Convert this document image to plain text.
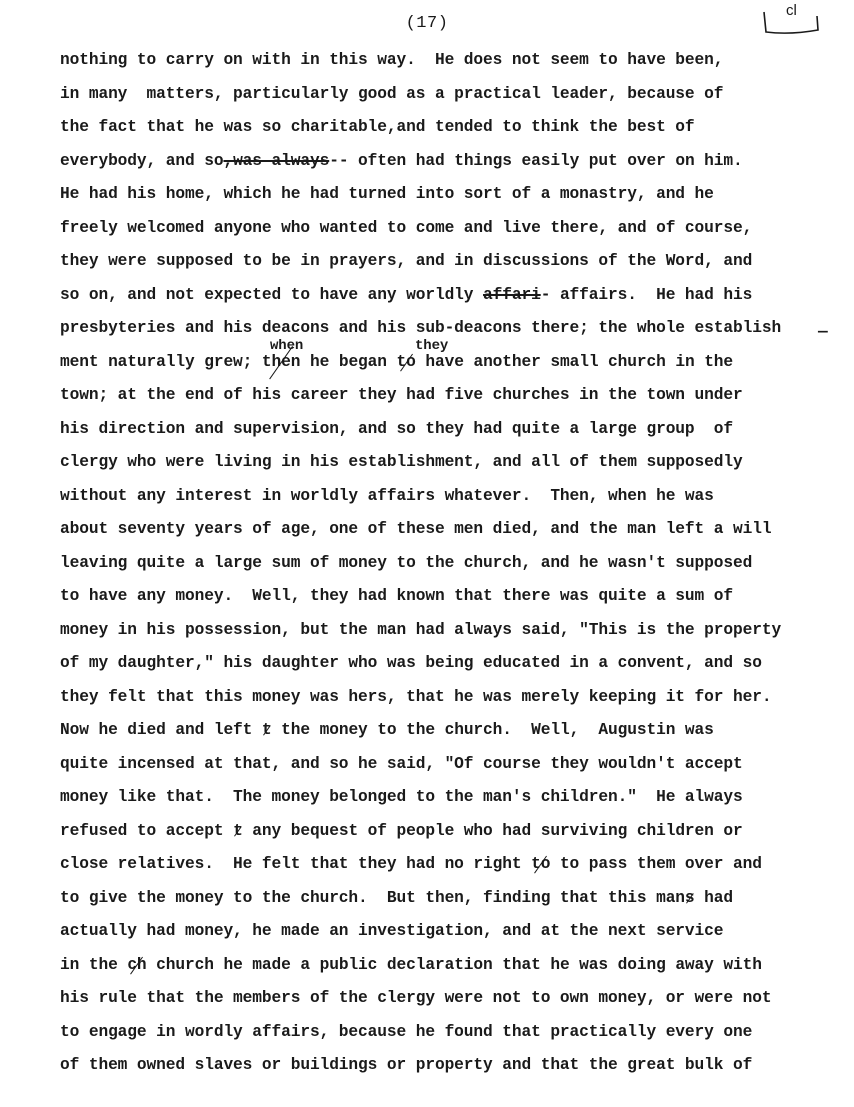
(17)
cl
nothing to carry on with in this way.  He does not seem to have been,
in many  matters, particularly good as a practical leader, because of
the fact that he was so charitable,and tended to think the best of
everybody, and so,was always-- often had things easily put over on him.
He had his home, which he had turned into sort of a monastry, and he
freely welcomed anyone who wanted to come and live there, and of course,
they were supposed to be in prayers, and in discussions of the Word, and
so on, and not expected to have any worldly affari- affairs.  He had his
presbyteries and his deacons and his sub-deacons there; the whole establish —
ment naturally grew; then he began to have another small church in the
when	they
town; at the end of his career they had five churches in the town under
his direction and supervision, and so they had quite a large group  of
clergy who were living in his establishment, and all of them supposedly
without any interest in worldly affairs whatever.  Then, when he was
about seventy years of age, one of these men died, and the man left a will
leaving quite a large sum of money to the church, and he wasn't supposed
to have any money.  Well, they had known that there was quite a sum of
money in his possession, but the man had always said, "This is the property
of my daughter," his daughter who was being educated in a convent, and so
they felt that this money was hers, that he was merely keeping it for her.
Now he died and left t the money to the church.  Well,  Augustin was
quite incensed at that, and so he said, "Of course they wouldn't accept
money like that.  The money belonged to the man's children."  He always
refused to accept t any bequest of people who had surviving children or
close relatives.  He felt that they had no right to to pass them over and
to give the money to the church.  But then, finding that this mans had
actually had money, he made an investigation, and at the next service
in the ch church he made a public declaration that he was doing away with
his rule that the members of the clergy were not to own money, or were not
to engage in wordly affairs, because he found that practically every one
of them owned slaves or buildings or property and that the great bulk of
